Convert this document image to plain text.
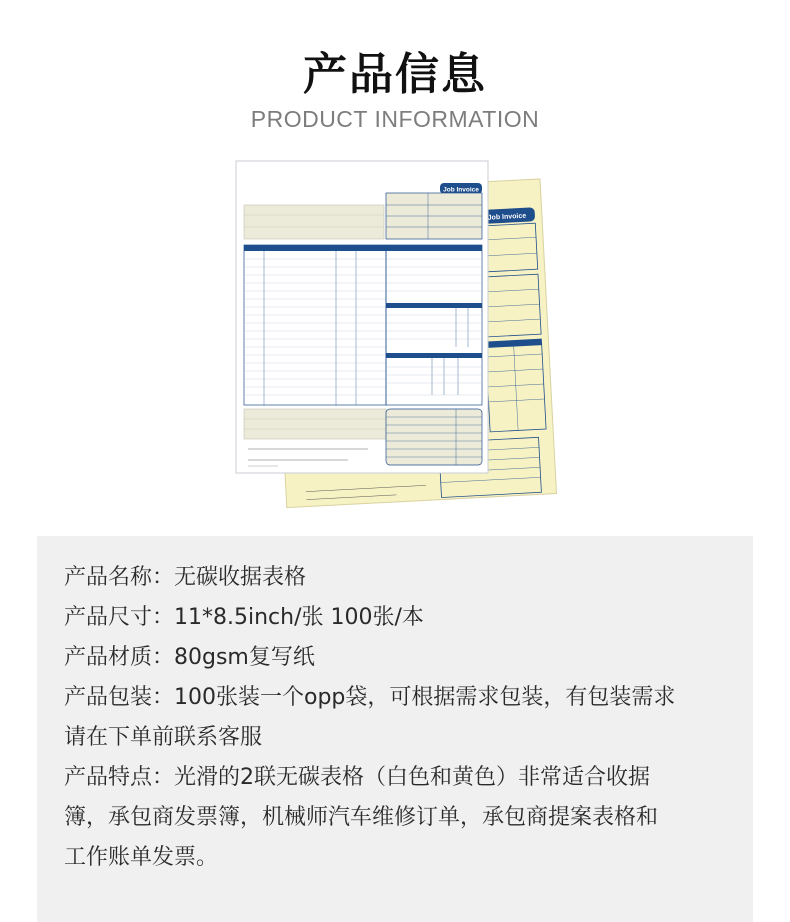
产品信息
PRODUCT INFORMATION
Job Invoice
Job Invoice

产品名称：无碳收据表格

产品尺寸：11*8.5inch/张 100张/本

产品材质：80gsm复写纸

产品包装：100张装一个opp袋，可根据需求包装，有包装需求

请在下单前联系客服

产品特点：光滑的2联无碳表格（白色和黄色）非常适合收据

簿，承包商发票簿，机械师汽车维修订单，承包商提案表格和

工作账单发票。
